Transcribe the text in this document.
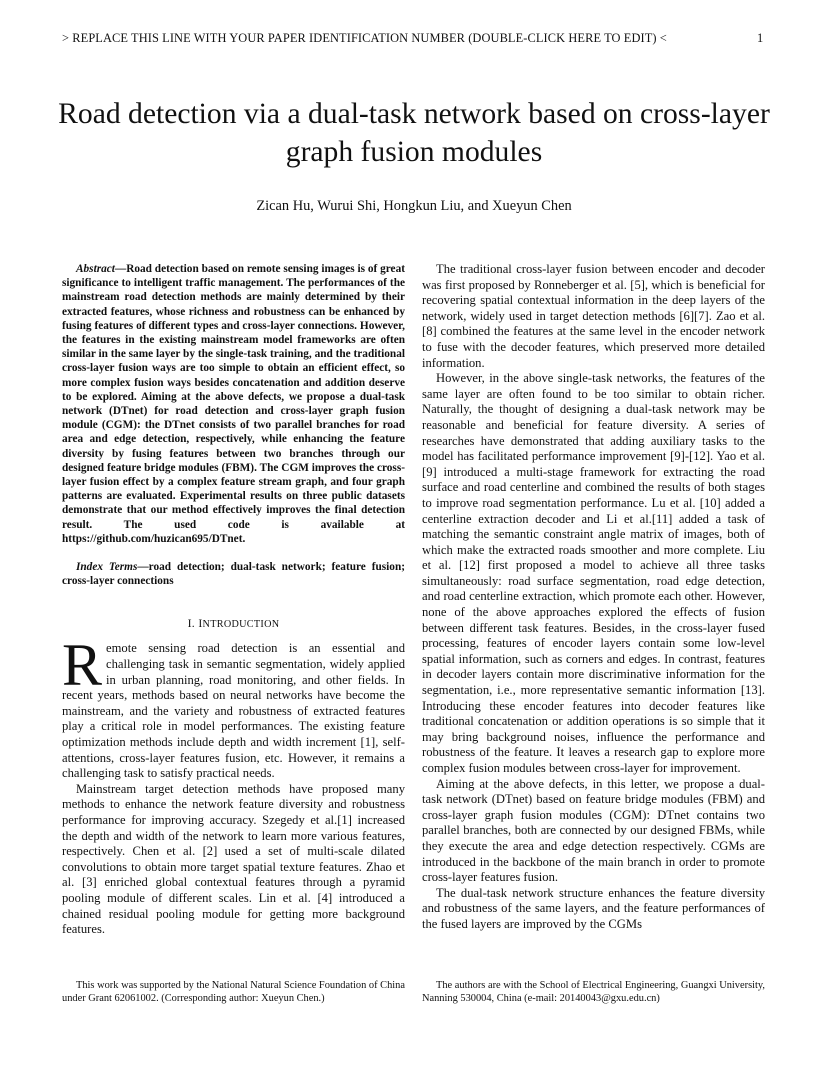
> REPLACE THIS LINE WITH YOUR PAPER IDENTIFICATION NUMBER (DOUBLE-CLICK HERE TO EDIT) <	1
Road detection via a dual-task network based on cross-layer graph fusion modules
Zican Hu, Wurui Shi, Hongkun Liu, and Xueyun Chen

Abstract—Road detection based on remote sensing images is of great significance to intelligent traffic management. The performances of the mainstream road detection methods are mainly determined by their extracted features, whose richness and robustness can be enhanced by fusing features of different types and cross-layer connections. However, the features in the existing mainstream model frameworks are often similar in the same layer by the single-task training, and the traditional cross-layer fusion ways are too simple to obtain an efficient effect, so more complex fusion ways besides concatenation and addition deserve to be explored. Aiming at the above defects, we propose a dual-task network (DTnet) for road detection and cross-layer graph fusion module (CGM): the DTnet consists of two parallel branches for road area and edge detection, respectively, while enhancing the feature diversity by fusing features between two branches through our designed feature bridge modules (FBM). The CGM improves the cross-layer fusion effect by a complex feature stream graph, and four graph patterns are evaluated. Experimental results on three public datasets demonstrate that our method effectively improves the final detection result. The used code is available at https://github.com/huzican695/DTnet.

Index Terms—road detection; dual-task network; feature fusion; cross-layer connections

I. INTRODUCTION

Remote sensing road detection is an essential and challenging task in semantic segmentation, widely applied in urban planning, road monitoring, and other fields. In recent years, methods based on neural networks have become the mainstream, and the variety and robustness of extracted features play a critical role in model performances. The existing feature optimization methods include depth and width increment [1], self-attentions, cross-layer features fusion, etc. However, it remains a challenging task to satisfy practical needs.

Mainstream target detection methods have proposed many methods to enhance the network feature diversity and robustness performance for improving accuracy. Szegedy et al.[1] increased the depth and width of the network to learn more various features, respectively. Chen et al. [2] used a set of multi-scale dilated convolutions to obtain more target spatial texture features. Zhao et al. [3] enriched global contextual features through a pyramid pooling module of different scales. Lin et al. [4] introduced a chained residual pooling module for getting more background features.

The traditional cross-layer fusion between encoder and decoder was first proposed by Ronneberger et al. [5], which is beneficial for recovering spatial contextual information in the deep layers of the network, widely used in target detection methods [6][7]. Zao et al. [8] combined the features at the same level in the encoder network to fuse with the decoder features, which preserved more detailed information.

However, in the above single-task networks, the features of the same layer are often found to be too similar to obtain richer. Naturally, the thought of designing a dual-task network may be reasonable and beneficial for feature diversity. A series of researches have demonstrated that adding auxiliary tasks to the model has facilitated performance improvement [9]-[12]. Yao et al. [9] introduced a multi-stage framework for extracting the road surface and road centerline and combined the results of both stages to improve road segmentation performance. Lu et al. [10] added a centerline extraction decoder and Li et al.[11] added a task of matching the semantic constraint angle matrix of images, both of which make the extracted roads smoother and more complete. Liu et al. [12] first proposed a model to achieve all three tasks simultaneously: road surface segmentation, road edge detection, and road centerline extraction, which promote each other. However, none of the above approaches explored the effects of fusion between different task features. Besides, in the cross-layer fused processing, features of encoder layers contain some low-level spatial information, such as corners and edges. In contrast, features in decoder layers contain more discriminative information for the segmentation, i.e., more representative semantic information [13]. Introducing these encoder features into decoder features like traditional concatenation or addition operations is so simple that it may bring background noises, influence the performance and robustness of the feature. It leaves a research gap to explore more complex fusion modules between cross-layer for improvement.

Aiming at the above defects, in this letter, we propose a dual-task network (DTnet) based on feature bridge modules (FBM) and cross-layer graph fusion modules (CGM): DTnet contains two parallel branches, both are connected by our designed FBMs, while they execute the area and edge detection respectively. CGMs are introduced in the backbone of the main branch in order to promote cross-layer features fusion.

The dual-task network structure enhances the feature diversity and robustness of the same layers, and the feature performances of the fused layers are improved by the CGMs

This work was supported by the National Natural Science Foundation of China under Grant 62061002. (Corresponding author: Xueyun Chen.)
The authors are with the School of Electrical Engineering, Guangxi University, Nanning 530004, China (e-mail: 20140043@gxu.edu.cn)
